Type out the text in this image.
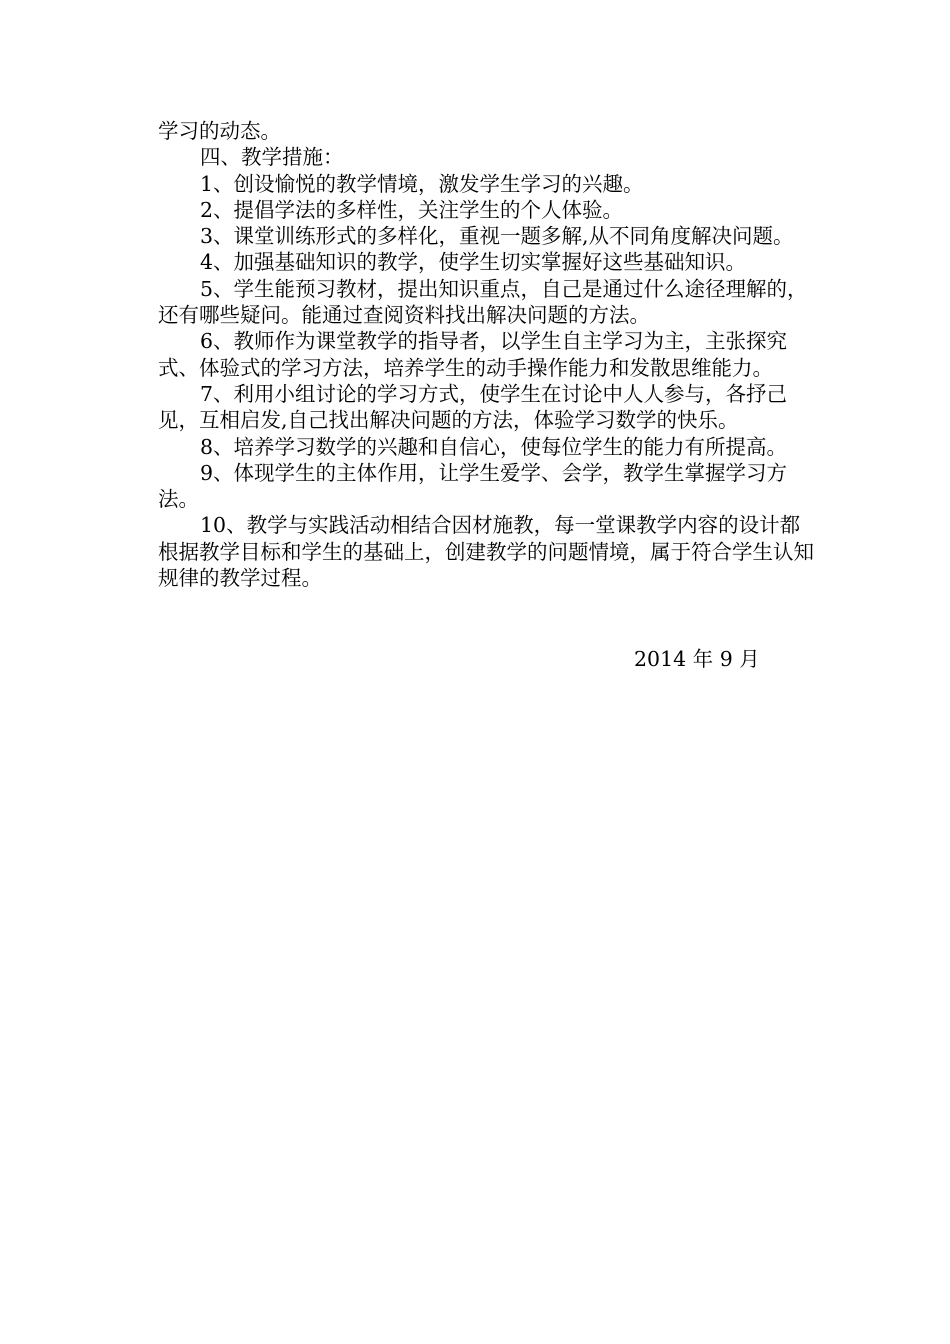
学习的动态。

四、教学措施：

1、创设愉悦的教学情境，激发学生学习的兴趣。

2、提倡学法的多样性，关注学生的个人体验。

3、课堂训练形式的多样化，重视一题多解,从不同角度解决问题。

4、加强基础知识的教学，使学生切实掌握好这些基础知识。

5、学生能预习教材，提出知识重点，自己是通过什么途径理解的，还有哪些疑问。能通过查阅资料找出解决问题的方法。

6、教师作为课堂教学的指导者，以学生自主学习为主，主张探究式、体验式的学习方法，培养学生的动手操作能力和发散思维能力。

7、利用小组讨论的学习方式，使学生在讨论中人人参与，各抒己见，互相启发,自己找出解决问题的方法，体验学习数学的快乐。

8、培养学习数学的兴趣和自信心，使每位学生的能力有所提高。

9、体现学生的主体作用，让学生爱学、会学，教学生掌握学习方法。

10、教学与实践活动相结合因材施教，每一堂课教学内容的设计都根据教学目标和学生的基础上，创建教学的问题情境，属于符合学生认知规律的教学过程。

2014 年 9 月
